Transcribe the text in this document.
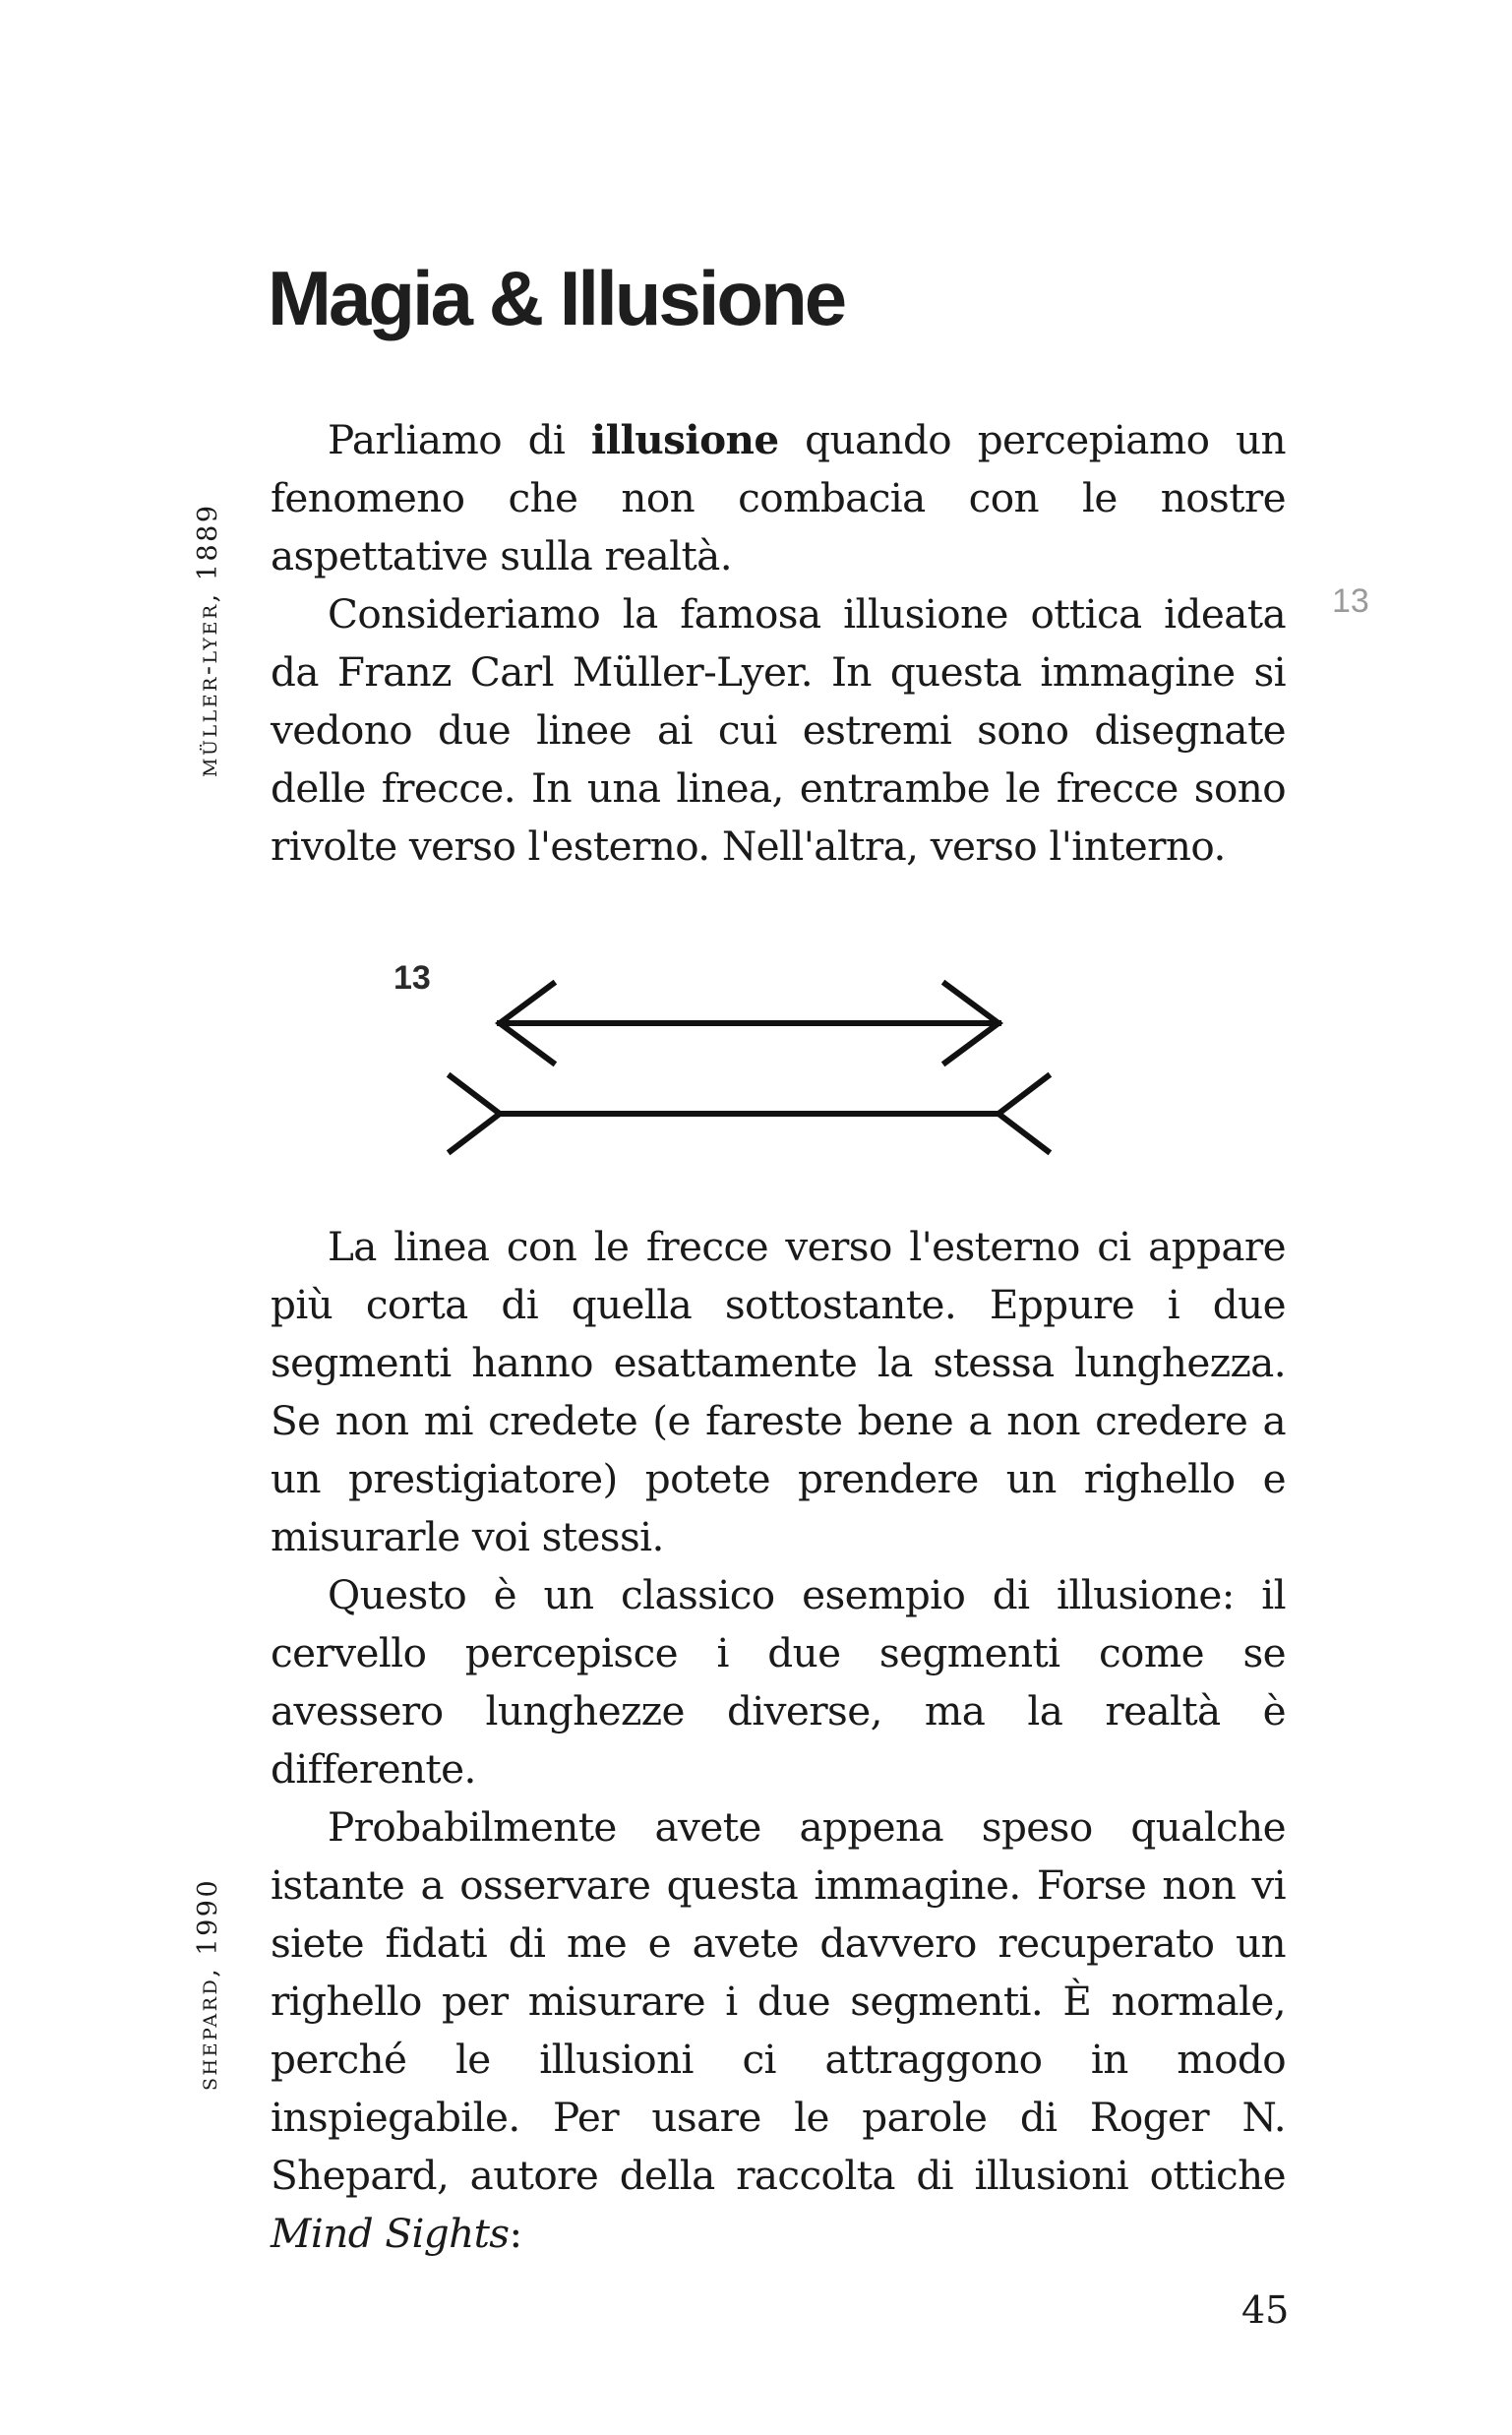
Magia & Illusione
müller-lyer, 1889
shepard, 1990
13

Parliamo di illusione quando percepiamo un fenomeno che non combacia con le nostre aspettative sulla realtà.

Consideriamo la famosa illusione ottica ideata da Franz Carl Müller-Lyer. In questa immagine si vedono due linee ai cui estremi sono disegnate delle frecce. In una linea, entrambe le frecce sono rivolte verso l'esterno. Nell'altra, verso l'interno.

13

La linea con le frecce verso l'esterno ci appare più corta di quella sottostante. Eppure i due segmenti hanno esattamente la stessa lunghezza. Se non mi credete (e fareste bene a non credere a un prestigiatore) potete prendere un righello e misurarle voi stessi.

Questo è un classico esempio di illusione: il cervello percepisce i due segmenti come se avessero lunghezze diverse, ma la realtà è differente.

Probabilmente avete appena speso qualche istante a osservare questa immagine. Forse non vi siete fidati di me e avete davvero recuperato un righello per misurare i due segmenti. È normale, perché le illusioni ci attraggono in modo inspiegabile. Per usare le parole di Roger N. Shepard, autore della raccolta di illusioni ottiche Mind Sights:

45
